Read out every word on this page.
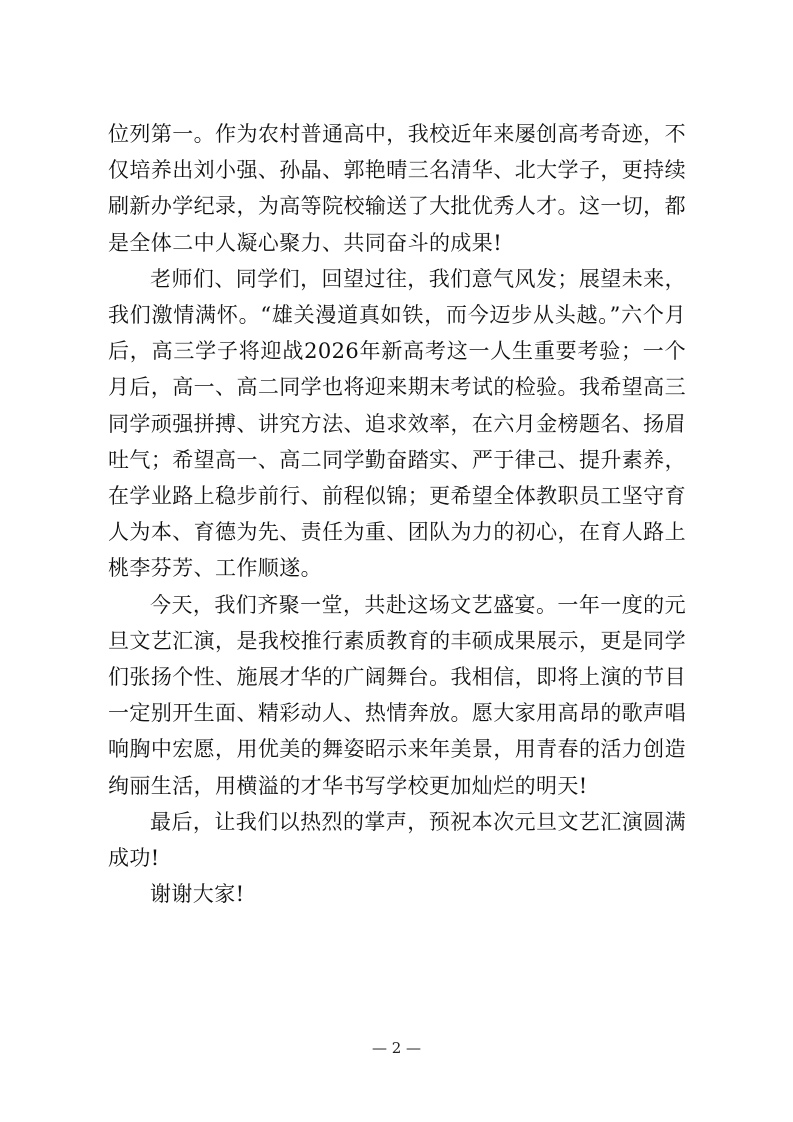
位列第一。作为农村普通高中，我校近年来屡创高考奇迹，不仅培养出刘小强、孙晶、郭艳晴三名清华、北大学子，更持续刷新办学纪录，为高等院校输送了大批优秀人才。这一切，都是全体二中人凝心聚力、共同奋斗的成果!

老师们、同学们，回望过往，我们意气风发；展望未来，我们激情满怀。“雄关漫道真如铁，而今迈步从头越。”六个月后，高三学子将迎战2026年新高考这一人生重要考验；一个月后，高一、高二同学也将迎来期末考试的检验。我希望高三同学顽强拼搏、讲究方法、追求效率，在六月金榜题名、扬眉吐气；希望高一、高二同学勤奋踏实、严于律己、提升素养，在学业路上稳步前行、前程似锦；更希望全体教职员工坚守育人为本、育德为先、责任为重、团队为力的初心，在育人路上桃李芬芳、工作顺遂。

今天，我们齐聚一堂，共赴这场文艺盛宴。一年一度的元旦文艺汇演，是我校推行素质教育的丰硕成果展示，更是同学们张扬个性、施展才华的广阔舞台。我相信，即将上演的节目一定别开生面、精彩动人、热情奔放。愿大家用高昂的歌声唱响胸中宏愿，用优美的舞姿昭示来年美景，用青春的活力创造绚丽生活，用横溢的才华书写学校更加灿烂的明天!

最后，让我们以热烈的掌声，预祝本次元旦文艺汇演圆满成功!

谢谢大家!

— 2 —
